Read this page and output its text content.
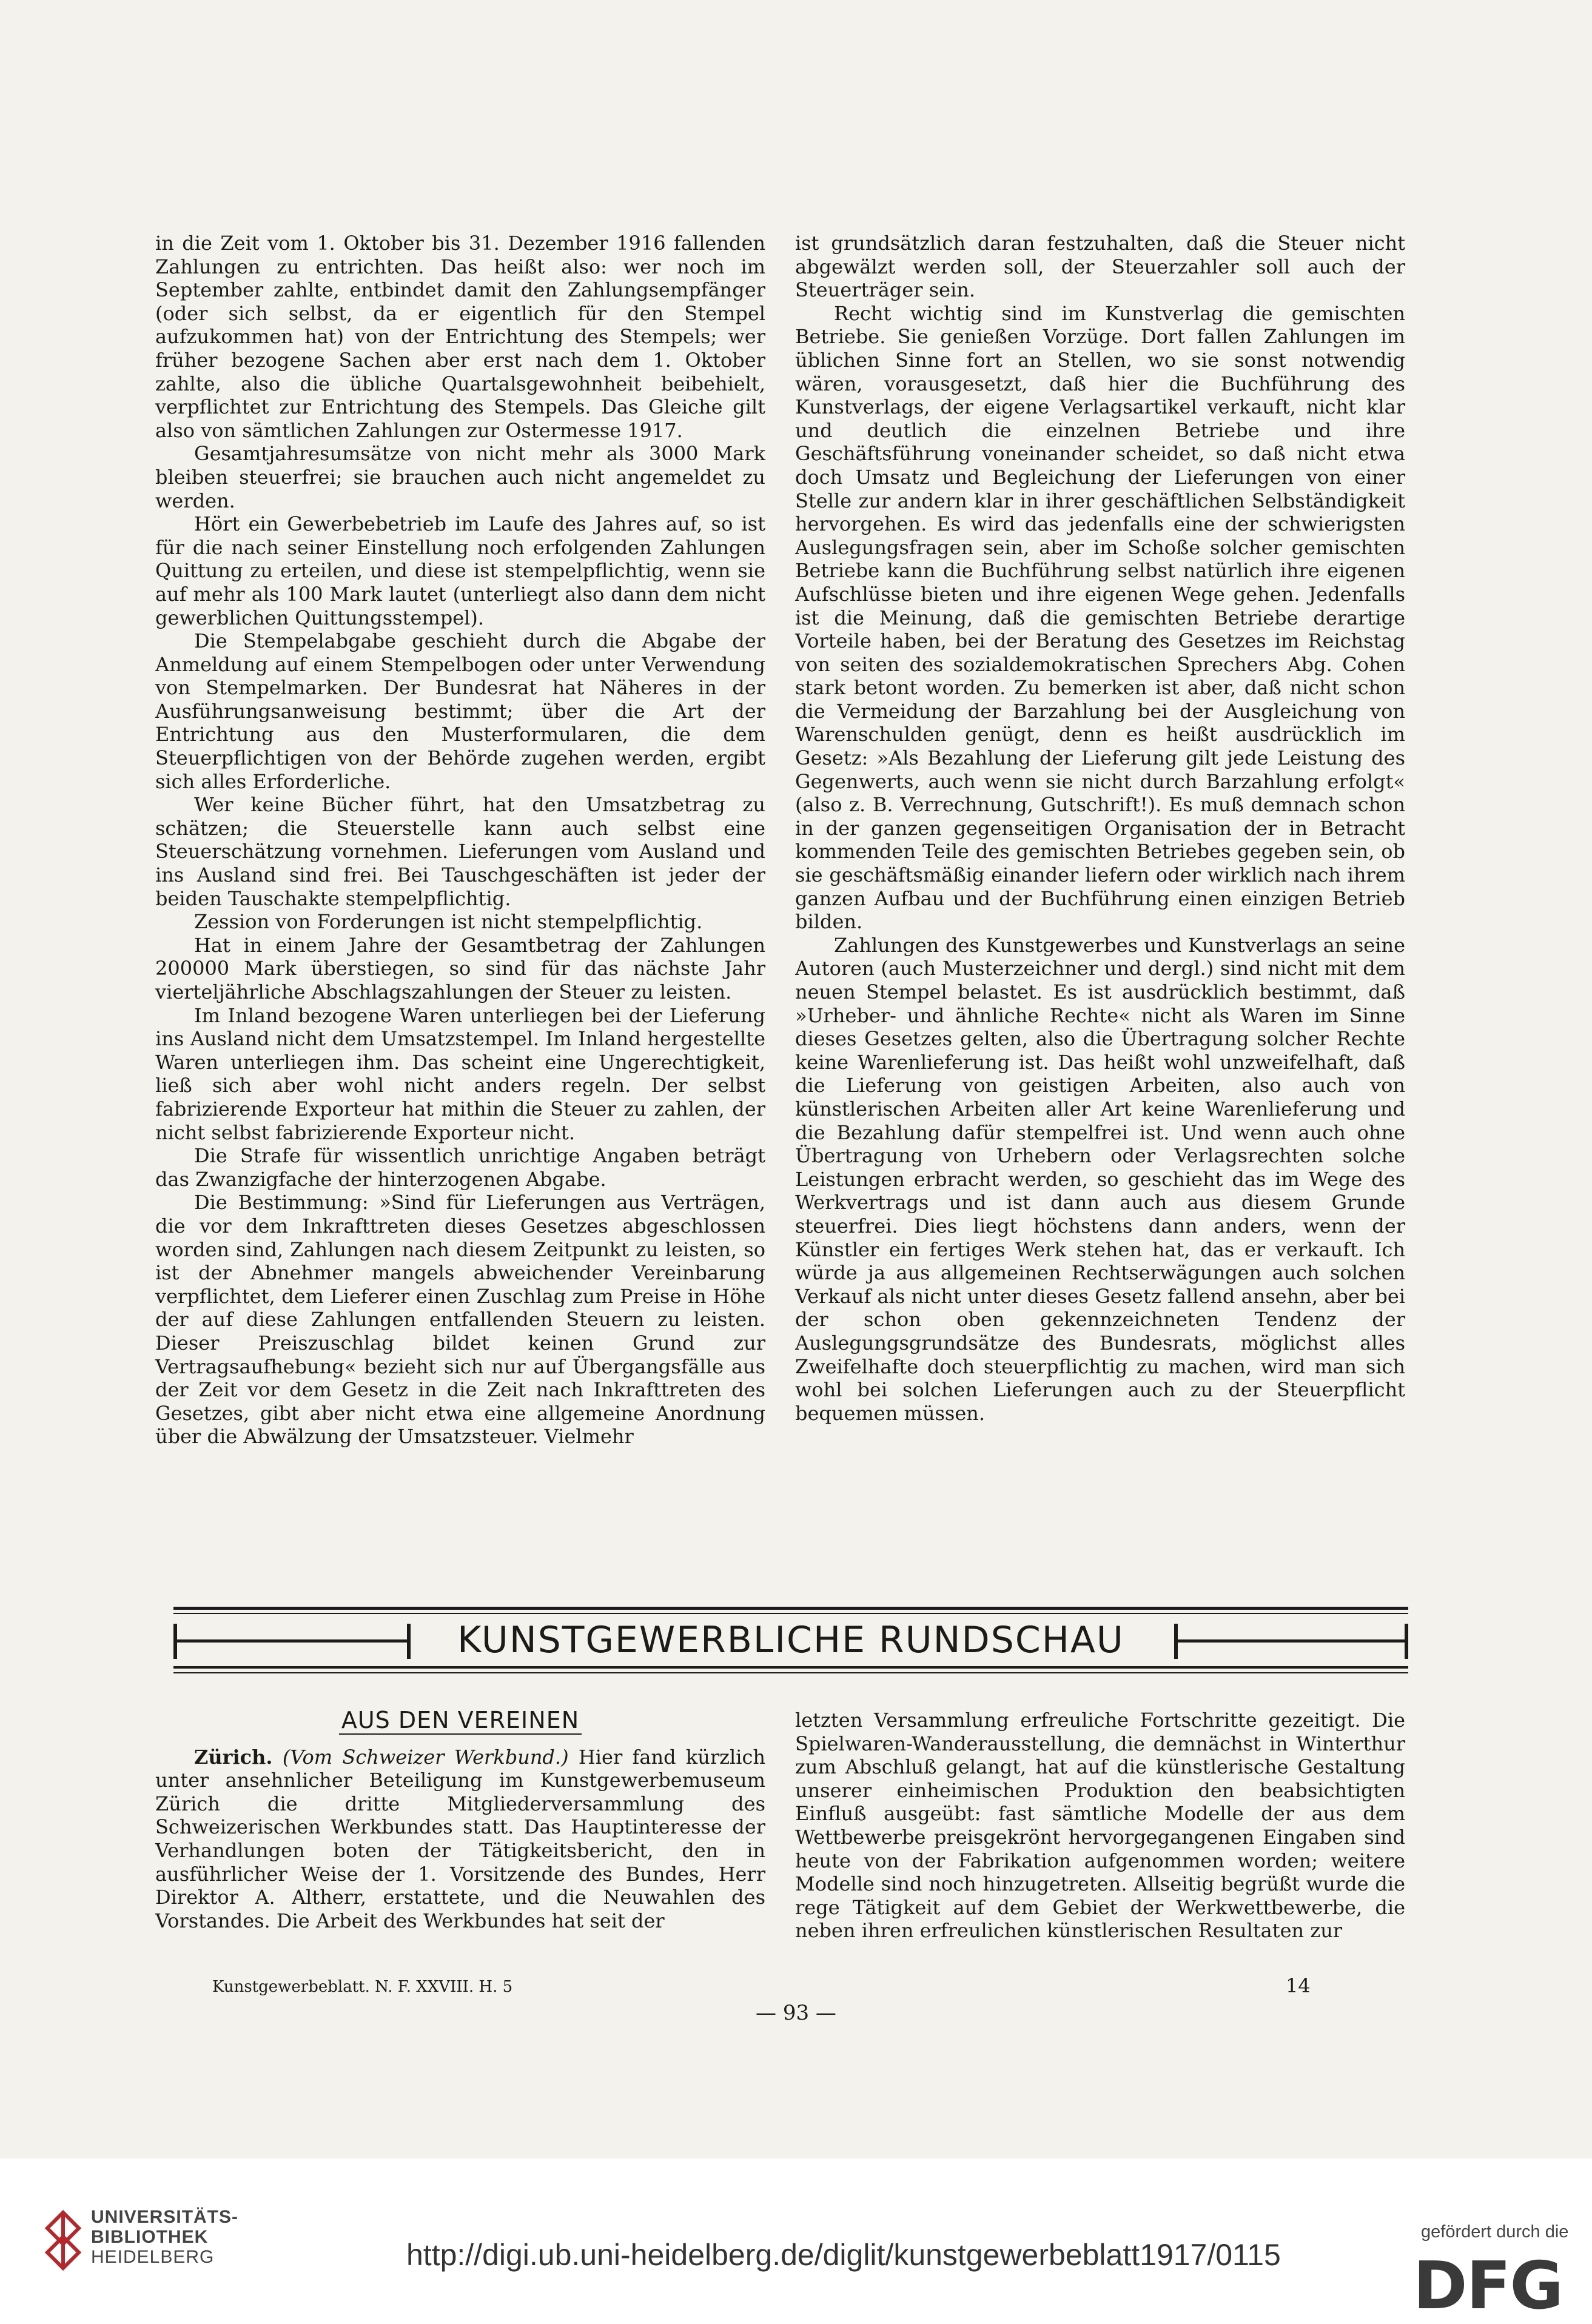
in die Zeit vom 1. Oktober bis 31. Dezember 1916 fallenden Zahlungen zu entrichten. Das heißt also: wer noch im September zahlte, entbindet damit den Zahlungsempfänger (oder sich selbst, da er eigentlich für den Stempel aufzukommen hat) von der Entrichtung des Stempels; wer früher bezogene Sachen aber erst nach dem 1. Oktober zahlte, also die übliche Quartalsgewohnheit beibehielt, verpflichtet zur Entrichtung des Stempels. Das Gleiche gilt also von sämtlichen Zahlungen zur Ostermesse 1917.

Gesamtjahresumsätze von nicht mehr als 3000 Mark bleiben steuerfrei; sie brauchen auch nicht angemeldet zu werden.

Hört ein Gewerbebetrieb im Laufe des Jahres auf, so ist für die nach seiner Einstellung noch erfolgenden Zahlungen Quittung zu erteilen, und diese ist stempelpflichtig, wenn sie auf mehr als 100 Mark lautet (unterliegt also dann dem nicht gewerblichen Quittungsstempel).

Die Stempelabgabe geschieht durch die Abgabe der Anmeldung auf einem Stempelbogen oder unter Verwendung von Stempelmarken. Der Bundesrat hat Näheres in der Ausführungsanweisung bestimmt; über die Art der Entrichtung aus den Musterformularen, die dem Steuerpflichtigen von der Behörde zugehen werden, ergibt sich alles Erforderliche.

Wer keine Bücher führt, hat den Umsatzbetrag zu schätzen; die Steuerstelle kann auch selbst eine Steuerschätzung vornehmen. Lieferungen vom Ausland und ins Ausland sind frei. Bei Tauschgeschäften ist jeder der beiden Tauschakte stempelpflichtig.

Zession von Forderungen ist nicht stempelpflichtig.

Hat in einem Jahre der Gesamtbetrag der Zahlungen 200000 Mark überstiegen, so sind für das nächste Jahr vierteljährliche Abschlagszahlungen der Steuer zu leisten.

Im Inland bezogene Waren unterliegen bei der Lieferung ins Ausland nicht dem Umsatzstempel. Im Inland hergestellte Waren unterliegen ihm. Das scheint eine Ungerechtigkeit, ließ sich aber wohl nicht anders regeln. Der selbst fabrizierende Exporteur hat mithin die Steuer zu zahlen, der nicht selbst fabrizierende Exporteur nicht.

Die Strafe für wissentlich unrichtige Angaben beträgt das Zwanzigfache der hinterzogenen Abgabe.

Die Bestimmung: »Sind für Lieferungen aus Verträgen, die vor dem Inkrafttreten dieses Gesetzes abgeschlossen worden sind, Zahlungen nach diesem Zeitpunkt zu leisten, so ist der Abnehmer mangels abweichender Vereinbarung verpflichtet, dem Lieferer einen Zuschlag zum Preise in Höhe der auf diese Zahlungen entfallenden Steuern zu leisten. Dieser Preiszuschlag bildet keinen Grund zur Vertragsaufhebung« bezieht sich nur auf Übergangsfälle aus der Zeit vor dem Gesetz in die Zeit nach Inkrafttreten des Gesetzes, gibt aber nicht etwa eine allgemeine Anordnung über die Abwälzung der Umsatzsteuer. Vielmehr

ist grundsätzlich daran festzuhalten, daß die Steuer nicht abgewälzt werden soll, der Steuerzahler soll auch der Steuerträger sein.

Recht wichtig sind im Kunstverlag die gemischten Betriebe. Sie genießen Vorzüge. Dort fallen Zahlungen im üblichen Sinne fort an Stellen, wo sie sonst notwendig wären, vorausgesetzt, daß hier die Buchführung des Kunstverlags, der eigene Verlagsartikel verkauft, nicht klar und deutlich die einzelnen Betriebe und ihre Geschäftsführung voneinander scheidet, so daß nicht etwa doch Umsatz und Begleichung der Lieferungen von einer Stelle zur andern klar in ihrer geschäftlichen Selbständigkeit hervorgehen. Es wird das jedenfalls eine der schwierigsten Auslegungsfragen sein, aber im Schoße solcher gemischten Betriebe kann die Buchführung selbst natürlich ihre eigenen Aufschlüsse bieten und ihre eigenen Wege gehen. Jedenfalls ist die Meinung, daß die gemischten Betriebe derartige Vorteile haben, bei der Beratung des Gesetzes im Reichstag von seiten des sozialdemokratischen Sprechers Abg. Cohen stark betont worden. Zu bemerken ist aber, daß nicht schon die Vermeidung der Barzahlung bei der Ausgleichung von Warenschulden genügt, denn es heißt ausdrücklich im Gesetz: »Als Bezahlung der Lieferung gilt jede Leistung des Gegenwerts, auch wenn sie nicht durch Barzahlung erfolgt« (also z. B. Verrechnung, Gutschrift!). Es muß demnach schon in der ganzen gegenseitigen Organisation der in Betracht kommenden Teile des gemischten Betriebes gegeben sein, ob sie geschäftsmäßig einander liefern oder wirklich nach ihrem ganzen Aufbau und der Buchführung einen einzigen Betrieb bilden.

Zahlungen des Kunstgewerbes und Kunstverlags an seine Autoren (auch Musterzeichner und dergl.) sind nicht mit dem neuen Stempel belastet. Es ist ausdrücklich bestimmt, daß »Urheber- und ähnliche Rechte« nicht als Waren im Sinne dieses Gesetzes gelten, also die Übertragung solcher Rechte keine Warenlieferung ist. Das heißt wohl unzweifelhaft, daß die Lieferung von geistigen Arbeiten, also auch von künstlerischen Arbeiten aller Art keine Warenlieferung und die Bezahlung dafür stempelfrei ist. Und wenn auch ohne Übertragung von Urhebern oder Verlagsrechten solche Leistungen erbracht werden, so geschieht das im Wege des Werkvertrags und ist dann auch aus diesem Grunde steuerfrei. Dies liegt höchstens dann anders, wenn der Künstler ein fertiges Werk stehen hat, das er verkauft. Ich würde ja aus allgemeinen Rechtserwägungen auch solchen Verkauf als nicht unter dieses Gesetz fallend ansehn, aber bei der schon oben gekennzeichneten Tendenz der Auslegungsgrundsätze des Bundesrats, möglichst alles Zweifelhafte doch steuerpflichtig zu machen, wird man sich wohl bei solchen Lieferungen auch zu der Steuerpflicht bequemen müssen.

KUNSTGEWERBLICHE RUNDSCHAU
AUS DEN VEREINEN

Zürich. (Vom Schweizer Werkbund.) Hier fand kürzlich unter ansehnlicher Beteiligung im Kunstgewerbemuseum Zürich die dritte Mitgliederversammlung des Schweizerischen Werkbundes statt. Das Hauptinteresse der Verhandlungen boten der Tätigkeitsbericht, den in ausführlicher Weise der 1. Vorsitzende des Bundes, Herr Direktor A. Altherr, erstattete, und die Neuwahlen des Vorstandes. Die Arbeit des Werkbundes hat seit der

letzten Versammlung erfreuliche Fortschritte gezeitigt. Die Spielwaren-Wanderausstellung, die demnächst in Winterthur zum Abschluß gelangt, hat auf die künstlerische Gestaltung unserer einheimischen Produktion den beabsichtigten Einfluß ausgeübt: fast sämtliche Modelle der aus dem Wettbewerbe preisgekrönt hervorgegangenen Eingaben sind heute von der Fabrikation aufgenommen worden; weitere Modelle sind noch hinzugetreten. Allseitig begrüßt wurde die rege Tätigkeit auf dem Gebiet der Werkwettbewerbe, die neben ihren erfreulichen künstlerischen Resultaten zur

Kunstgewerbeblatt. N. F. XXVIII. H. 5	14
— 93 —
UNIVERSITÄTS-
BIBLIOTHEK
HEIDELBERG	http://digi.ub.uni-heidelberg.de/diglit/kunstgewerbeblatt1917/0115
gefördert durch die
DFG
